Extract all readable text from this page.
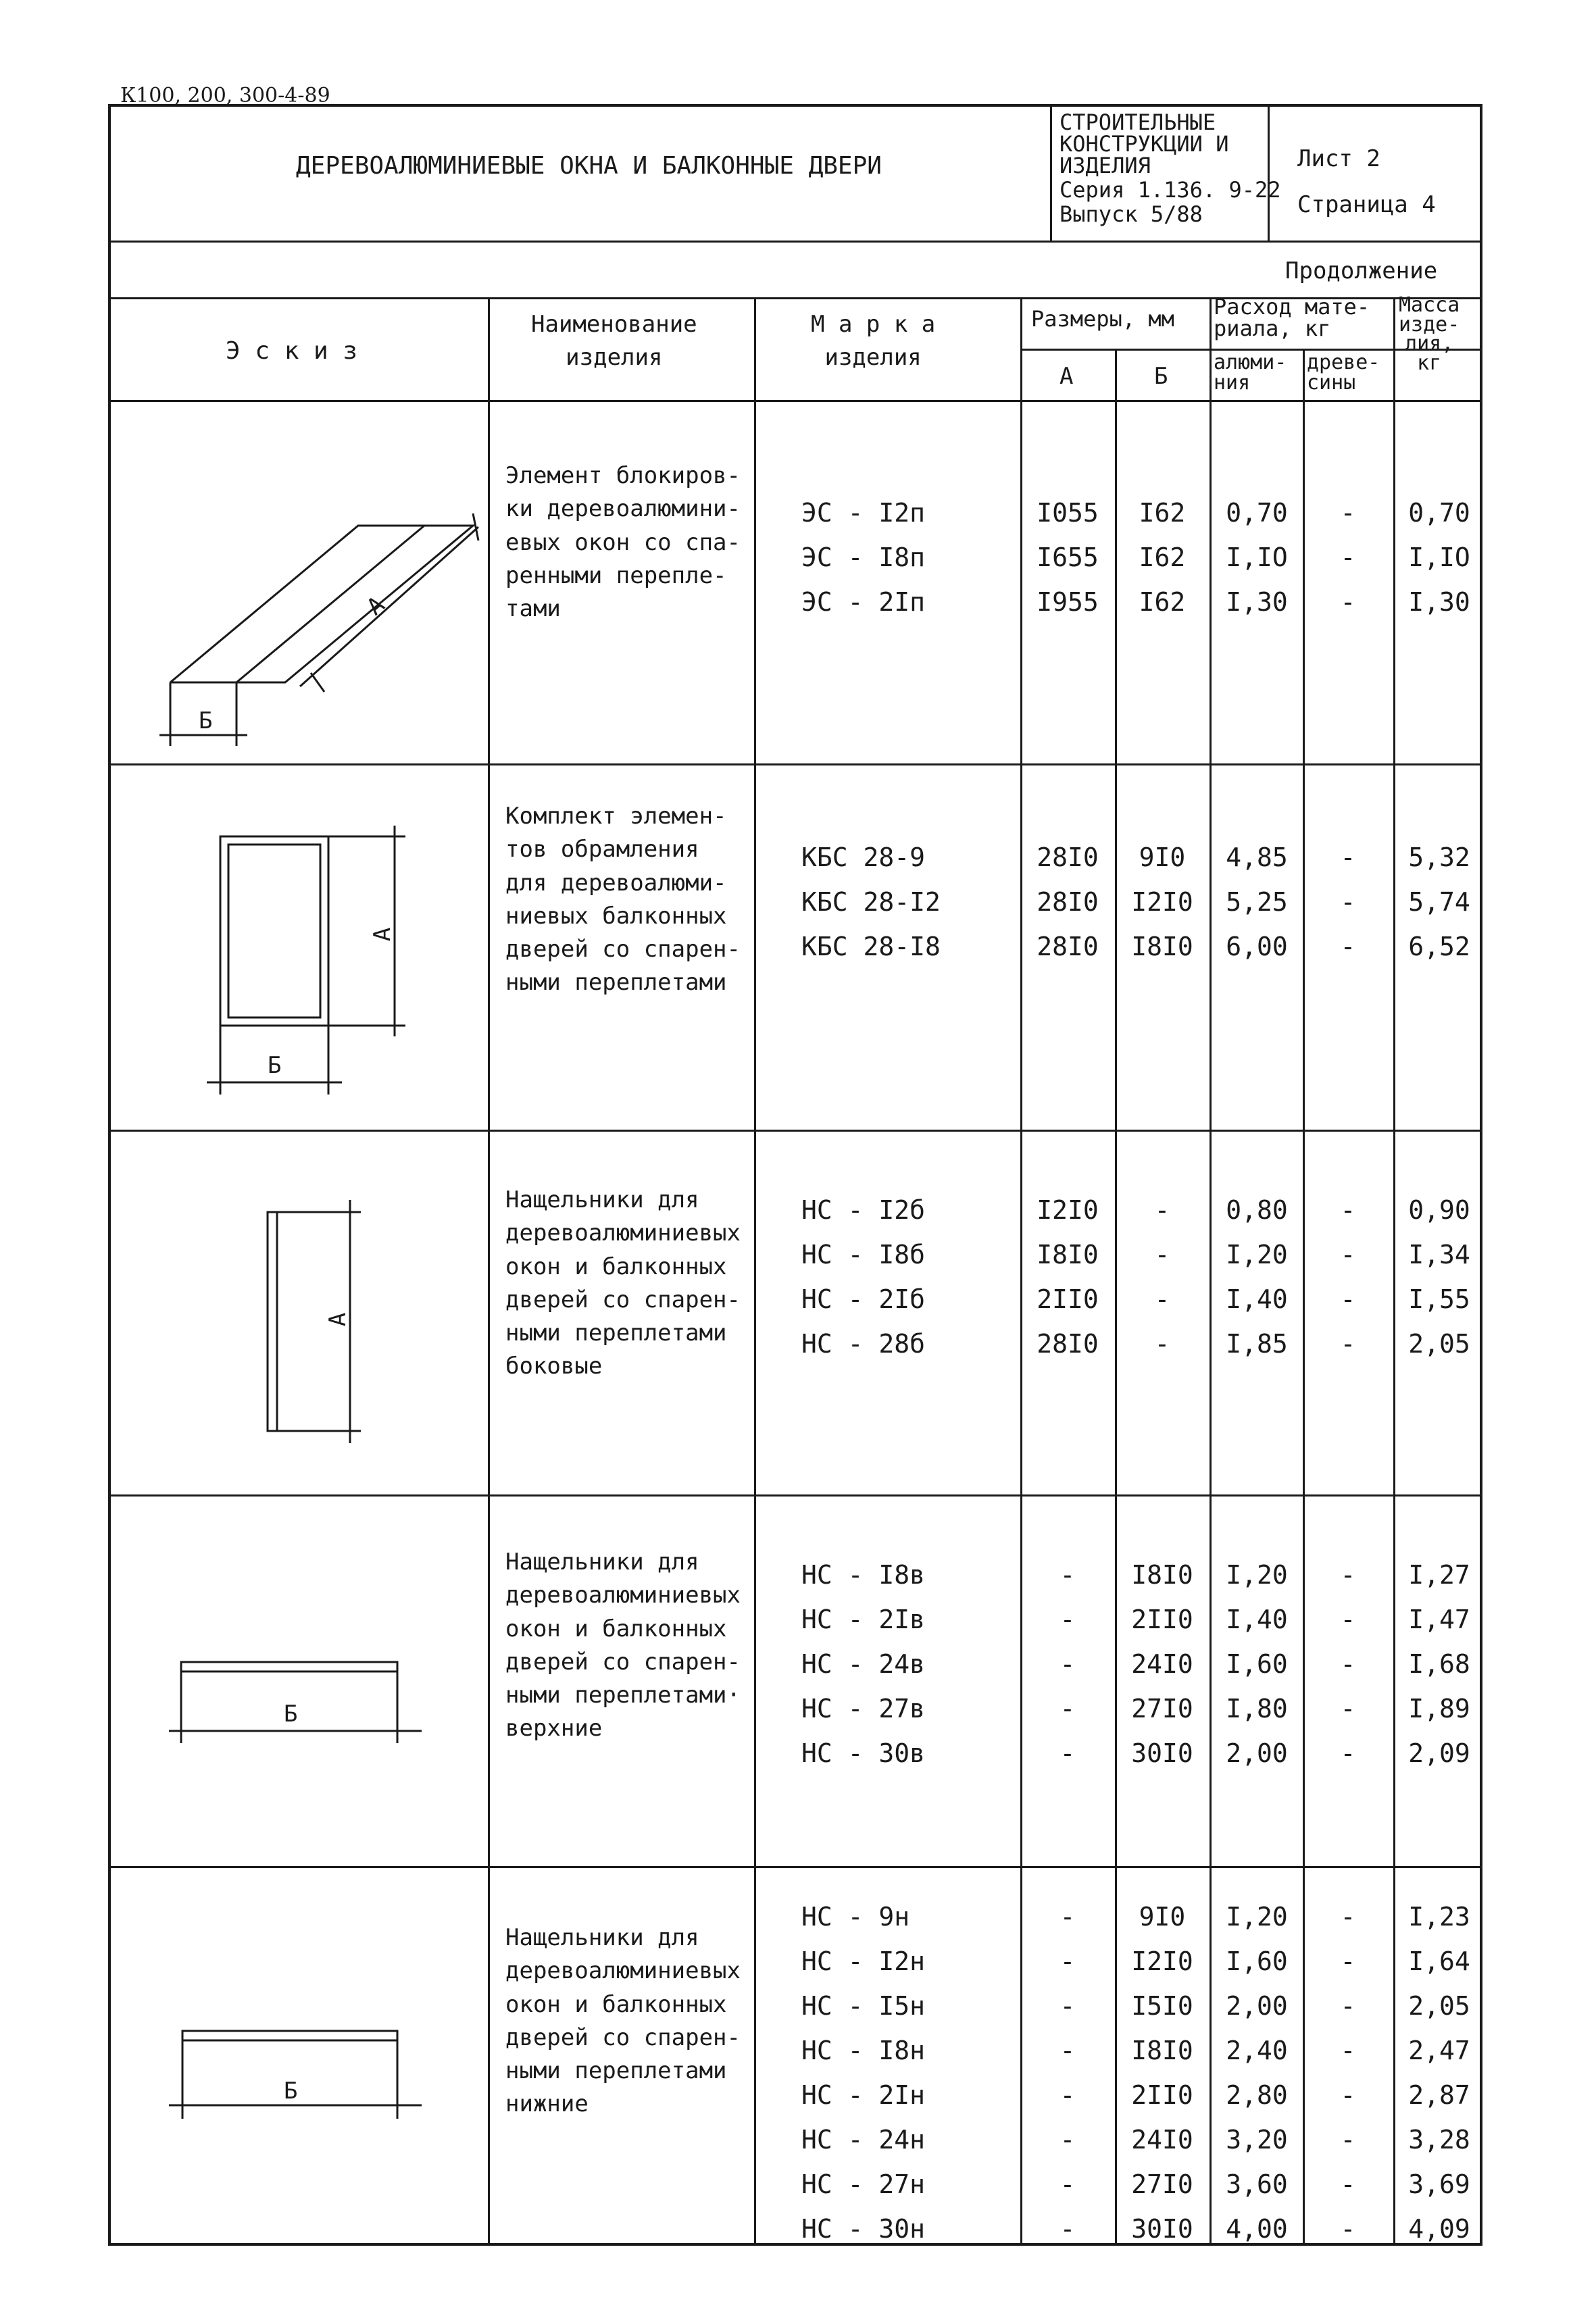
К100, 200, 300-4-89
ДЕРЕВОАЛЮМИНИЕВЫЕ ОКНА И БАЛКОННЫЕ ДВЕРИ
СТРОИТЕЛЬНЫЕ
КОНСТРУКЦИИ И
ИЗДЕЛИЯ
Серия 1.136. 9-22
Выпуск 5/88
Лист 2
Страница 4
Продолжение
Э с к и з
Наименование
изделия
М а р к а
изделия
Размеры, мм
А	Б
Расход мате-
риала, кг
алюми-
ния
древе-
сины
Масса
изде-
лия,
кг
Элемент блокиров-
ки деревоалюмини-
евых окон со спа-
ренными перепле-
тами
Комплект элемен-
тов обрамления
для деревоалюми-
ниевых балконных
дверей со спарен-
ными переплетами
Нащельники для
деревоалюминиевых
окон и балконных
дверей со спарен-
ными переплетами
боковые
Нащельники для
деревоалюминиевых
окон и балконных
дверей со спарен-
ными переплетами·
верхние
Нащельники для
деревоалюминиевых
окон и балконных
дверей со спарен-
ными переплетами
нижние
ЭС - I2п	I055	I62	0,70	-	0,70
ЭС - I8п	I655	I62	I,IO	-	I,IO
ЭС - 2Iп	I955	I62	I,30	-	I,30
КБС 28-9	28I0	9I0	4,85	-	5,32
КБС 28-I2	28I0	I2I0	5,25	-	5,74
КБС 28-I8	28I0	I8I0	6,00	-	6,52
НС - I2б	I2I0	-	0,80	-	0,90
НС - I8б	I8I0	-	I,20	-	I,34
НС - 2Iб	2II0	-	I,40	-	I,55
НС - 28б	28I0	-	I,85	-	2,05
НС - I8в	-	I8I0	I,20	-	I,27
НС - 2Iв	-	2II0	I,40	-	I,47
НС - 24в	-	24I0	I,60	-	I,68
НС - 27в	-	27I0	I,80	-	I,89
НС - 30в	-	30I0	2,00	-	2,09
НС - 9н	-	9I0	I,20	-	I,23
НС - I2н	-	I2I0	I,60	-	I,64
НС - I5н	-	I5I0	2,00	-	2,05
НС - I8н	-	I8I0	2,40	-	2,47
НС - 2Iн	-	2II0	2,80	-	2,87
НС - 24н	-	24I0	3,20	-	3,28
НС - 27н	-	27I0	3,60	-	3,69
НС - 30н	-	30I0	4,00	-	4,09
Б
А
А
Б
А
Б
Б
